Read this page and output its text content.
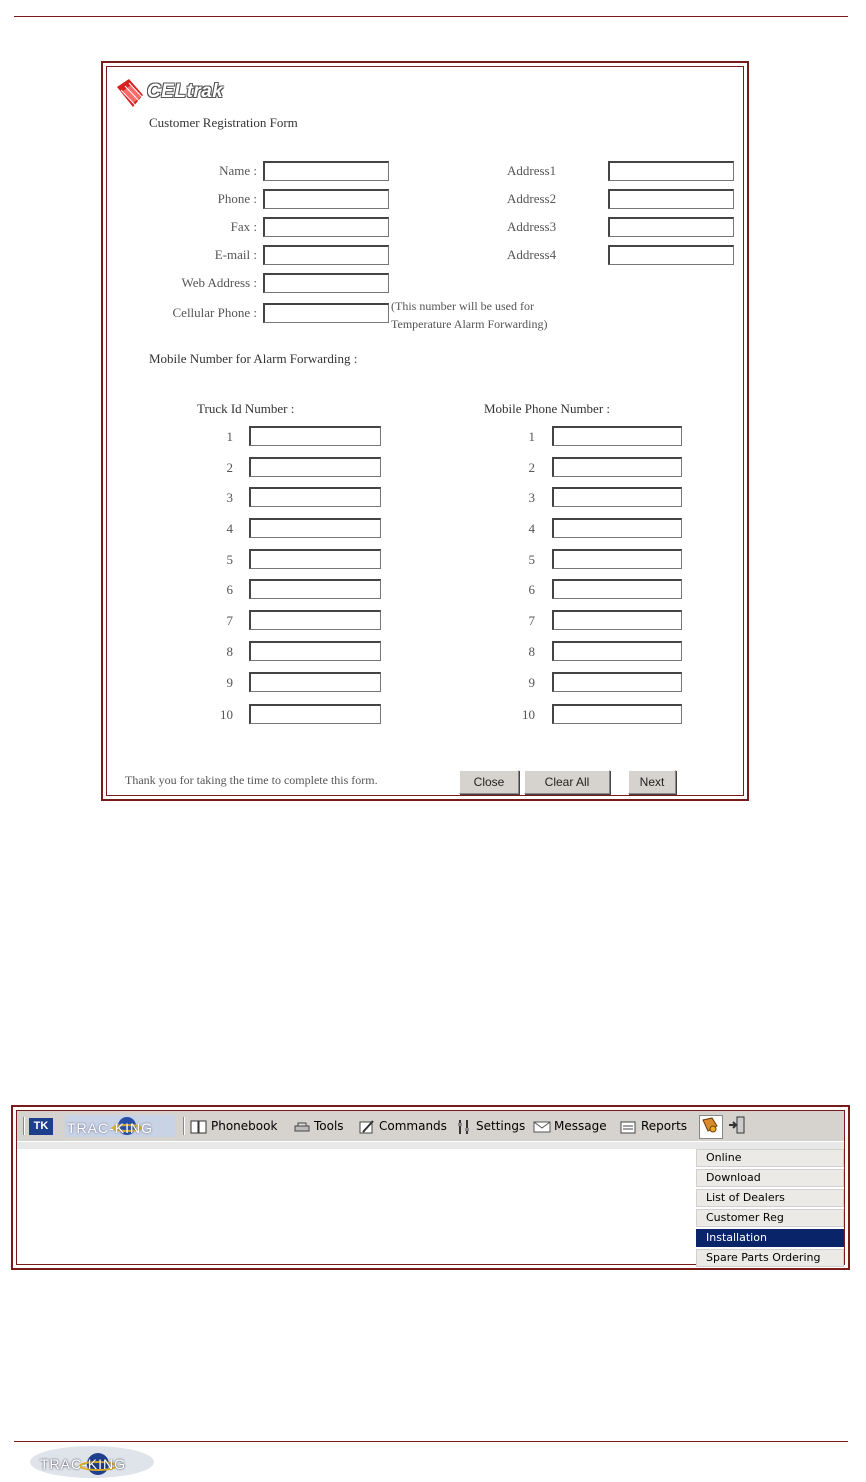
CELtrak
Customer Registration Form
Name :
Phone :
Fax :
E-mail :
Web Address :
Cellular Phone :	(This number will be used for
Temperature Alarm Forwarding)
Address1
Address2
Address3
Address4
Mobile Number for Alarm Forwarding :
Truck Id Number :	Mobile Phone Number :
1	1
2	2
3	3
4	4
5	5
6	6
7	7
8	8
9	9
10	10
Thank you for taking the time to complete this form.	Close	Clear All	Next
TK	TRAC-KING	Phonebook	Tools	Commands	Settings	Message	Reports
Online
Download
List of Dealers
Customer Reg
Installation
Spare Parts Ordering
TRAC-KING
